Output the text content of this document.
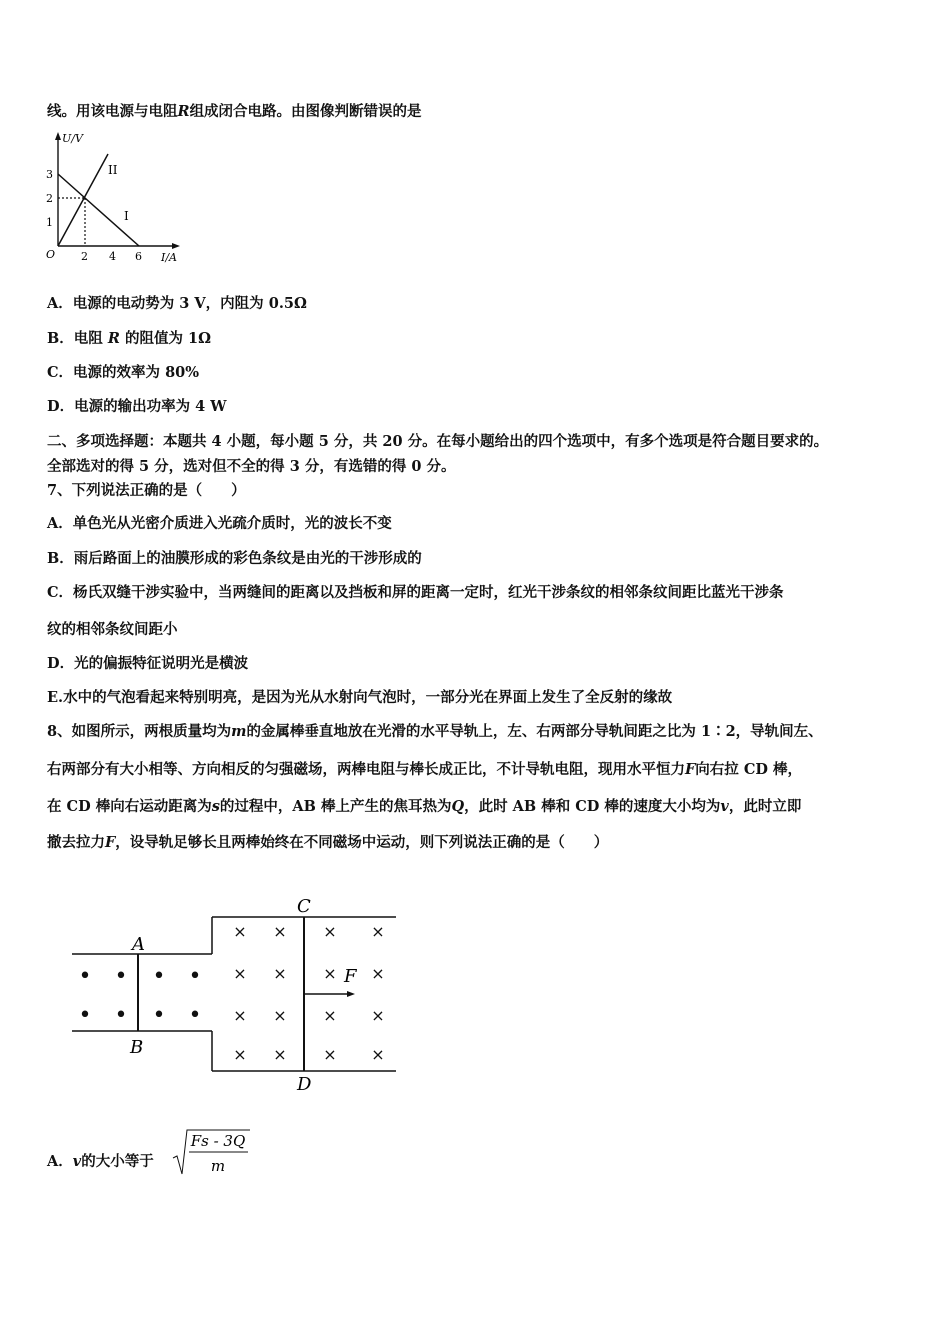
线。用该电源与电阻R组成闭合电路。由图像判断错误的是
U/V
I/A
O
3
2
1
2 4 6
II
I
A．电源的电动势为 3 V，内阻为 0.5Ω
B．电阻 R 的阻值为 1Ω
C．电源的效率为 80%
D．电源的输出功率为 4 W
二、多项选择题：本题共 4 小题，每小题 5 分，共 20 分。在每小题给出的四个选项中，有多个选项是符合题目要求的。
全部选对的得 5 分，选对但不全的得 3 分，有选错的得 0 分。
7、下列说法正确的是（　　）
A．单色光从光密介质进入光疏介质时，光的波长不变
B．雨后路面上的油膜形成的彩色条纹是由光的干涉形成的
C．杨氏双缝干涉实验中，当两缝间的距离以及挡板和屏的距离一定时，红光干涉条纹的相邻条纹间距比蓝光干涉条
纹的相邻条纹间距小
D．光的偏振特征说明光是横波
E.水中的气泡看起来特别明亮，是因为光从水射向气泡时，一部分光在界面上发生了全反射的缘故
8、如图所示，两根质量均为m的金属棒垂直地放在光滑的水平导轨上，左、右两部分导轨间距之比为 1∶2，导轨间左、
右两部分有大小相等、方向相反的匀强磁场，两棒电阻与棒长成正比，不计导轨电阻，现用水平恒力F向右拉 CD 棒，
在 CD 棒向右运动距离为s的过程中，AB 棒上产生的焦耳热为Q，此时 AB 棒和 CD 棒的速度大小均为v，此时立即
撤去拉力F，设导轨足够长且两棒始终在不同磁场中运动，则下列说法正确的是（　　）
A
B
C
D
F
• • • •
• • • •
× × × ×
× × × ×
× × × ×
× × × ×
A．v的大小等于
Fs - 3Q
m
